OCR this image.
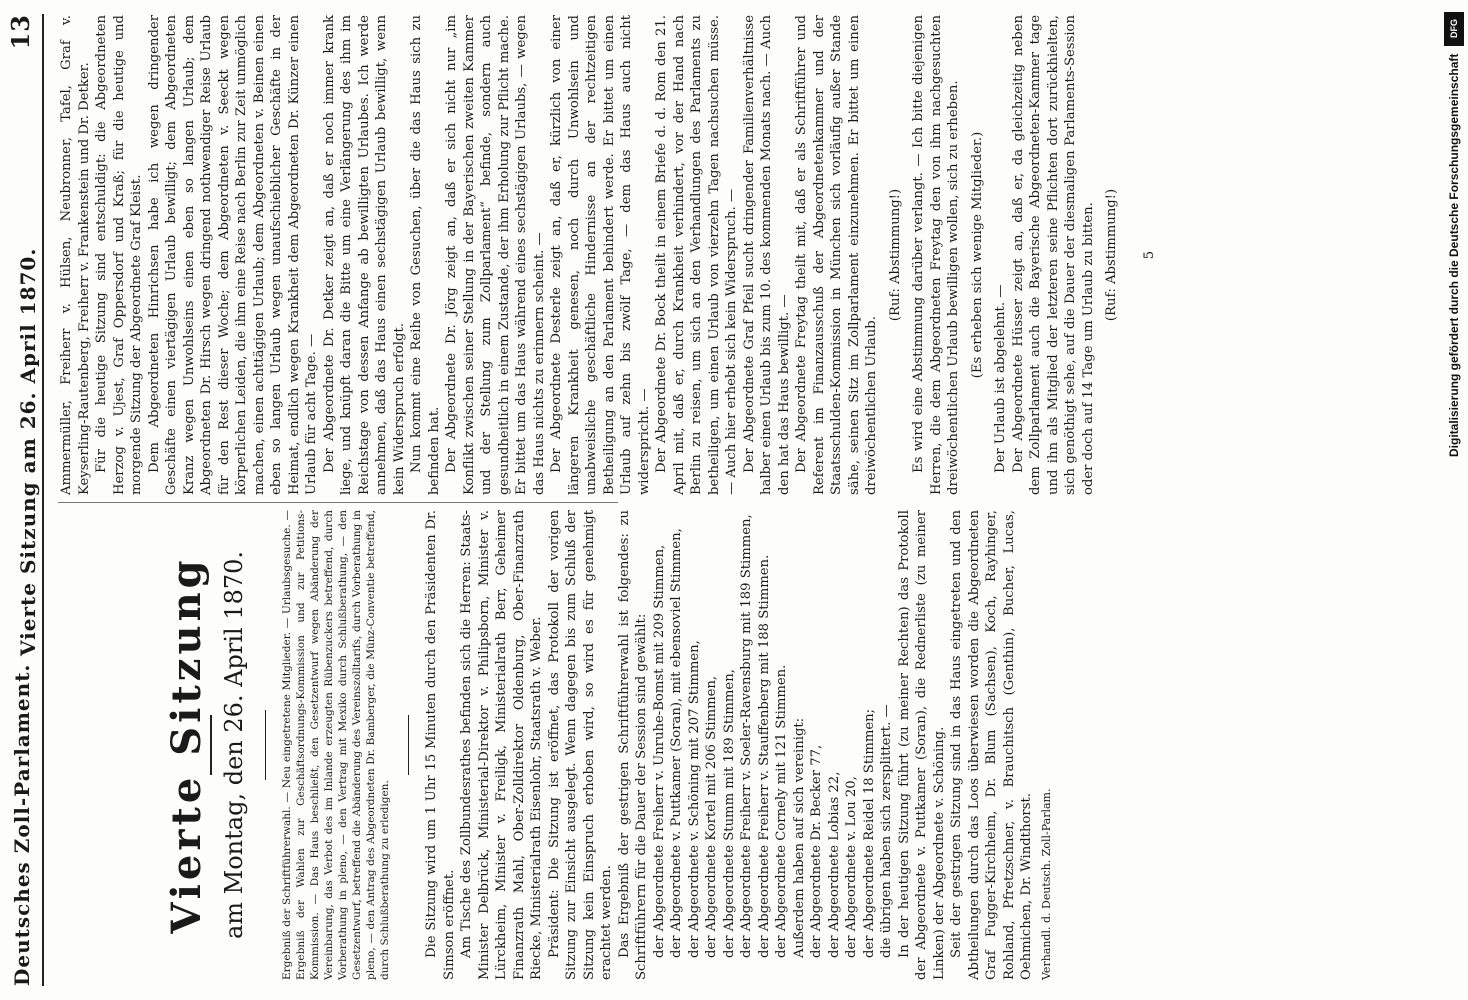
Deutsches Zoll-Parlament.
Vierte Sitzung am 26. April 1870.
13
Vierte Sitzung am Montag, den 26. April 1870.	Ergebniß der Schriftführerwahl. — Neu eingetretene Mitglieder. — Urlaubsgesuche. — Ergebniß der Wahlen zur Geschäftsordnungs-Kommission und zur Petitions-Kommission. — Das Haus beschließt, den Gesetzentwurf wegen Abänderung der Vereinbarung, das Verbot des im Inlande erzeugten Rübenzuckers betreffend, durch Vorberathung in pleno, — den Vertrag mit Mexiko durch Schlußberathung, — den Gesetzentwurf, betreffend die Abänderung des Vereinszolltarifs, durch Vorberathung in pleno, — den Antrag des Abgeordneten Dr. Bamberger, die Münz-Conventie betreffend, durch Schlußberathung zu erledigen.	Die Sitzung wird um 1 Uhr 15 Minuten durch den Präsidenten Dr. Simson eröffnet. Am Tische des Zollbundesrathes befinden sich die Herren: Staats-Minister Delbrück, Ministerial-Direktor v. Philipsborn, Minister v. Lürckheim, Minister v. Freiligk, Ministerialrath Berr, Geheimer Finanzrath Mahl, Ober-Zolldirektor Oldenburg, Ober-Finanzrath Riecke, Ministerialrath Eisenlohr, Staatsrath v. Weber. Präsident: Die Sitzung ist eröffnet, das Protokoll der vorigen Sitzung zur Einsicht ausgelegt. Wenn dagegen bis zum Schluß der Sitzung kein Einspruch erhoben wird, so wird es für genehmigt erachtet werden. Das Ergebniß der gestrigen Schriftführerwahl ist folgendes: zu Schriftführern für die Dauer der Session sind gewählt: der Abgeordnete Freiherr v. Unruhe-Bomst mit 209 Stimmen, der Abgeordnete v. Puttkamer (Soran), mit ebensoviel Stimmen, der Abgeordnete v. Schöning mit 207 Stimmen, der Abgeordnete Kortel mit 206 Stimmen, der Abgeordnete Stumm mit 189 Stimmen, der Abgeordnete Freiherr v. Soeler-Ravensburg mit 189 Stimmen, der Abgeordnete Freiherr v. Stauffenberg mit 188 Stimmen. der Abgeordnete Cornely mit 121 Stimmen. Außerdem haben auf sich vereinigt: der Abgeordnete Dr. Becker 77, der Abgeordnete Lobias 22, der Abgeordnete v. Lou 20, der Abgeordnete Reidel 18 Stimmen; die übrigen haben sich zersplittert. — In der heutigen Sitzung führt (zu meiner Rechten) das Protokoll der Abgeordnete v. Puttkamer (Soran), die Rednerliste (zu meiner Linken) der Abgeordnete v. Schöning. Seit der gestrigen Sitzung sind in das Haus eingetreten und den Abtheilungen durch das Loos überwiesen worden die Abgeordneten Graf Fugger-Kirchheim, Dr. Blum (Sachsen), Koch, Rayhinger, Rohland, Pfretzschner, v. Brauchitsch (Genthin), Bucher, Lucas, Oehmichen, Dr. Windthorst. Verhandl. d. Deutsch. Zoll-Parlam.

Ammermüller, Freiherr v. Hülsen, Neubronner, Tafel, Graf v. Keyserling-Rautenberg, Freiherr v. Frankenstein und Dr. Detker. Für die heutige Sitzung sind entschuldigt: die Abgeordneten Herzog v. Ujest, Graf Oppersdorf und Kraß; für die heutige und morgende Sitzung der Abgeordnete Graf Kleist. Dem Abgeordneten Hinrichsen habe ich wegen dringender Geschäfte einen viertägigen Urlaub bewilligt; dem Abgeordneten Kranz wegen Unwohlseins einen eben so langen Urlaub; dem Abgeordneten Dr. Hirsch wegen dringend nothwendiger Reise Urlaub für den Rest dieser Woche; dem Abgeordneten v. Seeckt wegen körperlichen Leiden, die ihm eine Reise nach Berlin zur Zeit unmöglich machen, einen achttägigen Urlaub; dem Abgeordneten v. Beinen einen eben so langen Urlaub wegen unaufschieblicher Geschäfte in der Heimat, endlich wegen Krankheit dem Abgeordneten Dr. Künzer einen Urlaub für acht Tage. — Der Abgeordnete Dr. Detker zeigt an, daß er noch immer krank liege, und knüpft daran die Bitte um eine Verlängerung des ihm im Reichstage von dessen Anfange ab bewilligten Urlaubes. Ich werde annehmen, daß das Haus einen sechstägigen Urlaub bewilligt, wenn kein Widerspruch erfolgt. Nun kommt eine Reihe von Gesuchen, über die das Haus sich zu befinden hat. Der Abgeordnete Dr. Jörg zeigt an, daß er sich nicht nur „im Konflikt zwischen seiner Stellung in der Bayerischen zweiten Kammer und der Stellung zum Zollparlament“ befinde, sondern auch gesundheitlich in einem Zustande, der ihm Erholung zur Pflicht mache. Er bittet um das Haus während eines sechstägigen Urlaubs, — wegen das Haus nichts zu erinnern scheint. — Der Abgeordnete Desterle zeigt an, daß er, kürzlich von einer längeren Krankheit genesen, noch durch Unwohlsein und unabweisliche geschäftliche Hindernisse an der rechtzeitigen Betheiligung an den Parlament behindert werde. Er bittet um einen Urlaub auf zehn bis zwölf Tage, — dem das Haus auch nicht widerspricht. — Der Abgeordnete Dr. Bock theilt in einem Briefe d. d. Rom den 21. April mit, daß er, durch Krankheit verhindert, vor der Hand nach Berlin zu reisen, um sich an den Verhandlungen des Parlaments zu betheiligen, um einen Urlaub von vierzehn Tagen nachsuchen müsse. — Auch hier erhebt sich kein Widerspruch. — Der Abgeordnete Graf Pfeil sucht dringender Familienverhältnisse halber einen Urlaub bis zum 10. des kommenden Monats nach. — Auch den hat das Haus bewilligt. — Der Abgeordnete Freytag theilt mit, daß er als Schriftführer und Referent im Finanzausschuß der Abgeordnetenkammer und der Staatsschulden-Kommission in München sich vorläufig außer Stande sähe, seinen Sitz im Zollparlament einzunehmen. Er bittet um einen dreiwöchentlichen Urlaub.

(Ruf: Abstimmung!) Es wird eine Abstimmung darüber verlangt. — Ich bitte diejenigen Herren, die dem Abgeordneten Freytag den von ihm nachgesuchten dreiwöchentlichen Urlaub bewilligen wollen, sich zu erheben. (Es erheben sich wenige Mitglieder.)

Der Urlaub ist abgelehnt. — Der Abgeordnete Hüsser zeigt an, daß er, da gleichzeitig neben dem Zollparlament auch die Bayerische Abgeordneten-Kammer tage und ihn als Mitglied der letzteren seine Pflichten dort zurückhielten, sich genöthigt sehe, auf die Dauer der diesmaligen Parlaments-Session oder doch auf 14 Tage um Urlaub zu bitten. (Ruf: Abstimmung!) 5

DFG
Digitalisierung gefördert durch die Deutsche Forschungsgemeinschaft
